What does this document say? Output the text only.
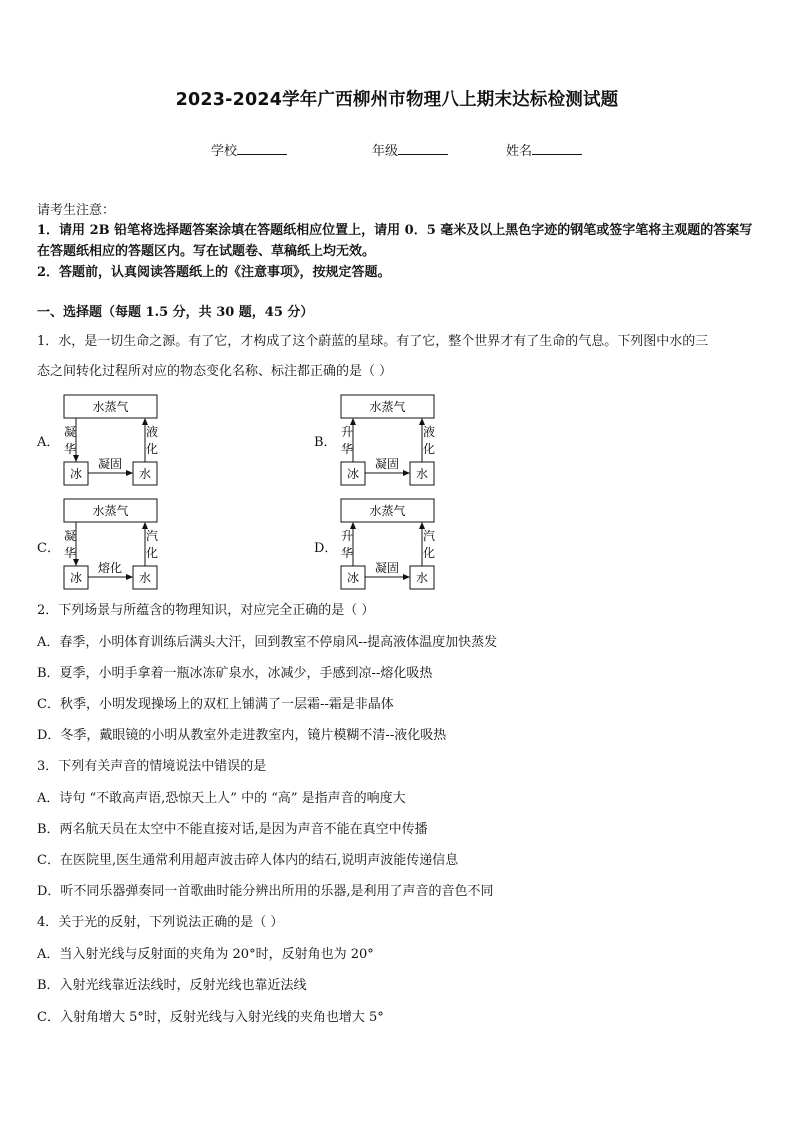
2023-2024学年广西柳州市物理八上期末达标检测试题
学校	年级	姓名
请考生注意：
1．请用 2B 铅笔将选择题答案涂填在答题纸相应位置上，请用 0．5 毫米及以上黑色字迹的钢笔或签字笔将主观题的答案写在答题纸相应的答题区内。写在试题卷、草稿纸上均无效。
2．答题前，认真阅读答题纸上的《注意事项》，按规定答题。
一、选择题（每题 1.5 分，共 30 题，45 分）
1．水，是一切生命之源。有了它，才构成了这个蔚蓝的星球。有了它，整个世界才有了生命的气息。下列图中水的三
态之间转化过程所对应的物态变化名称、标注都正确的是（ ）
A．
水蒸气
冰	水
凝
华
液
化
凝固
B．
水蒸气
冰	水
升
华
液
化
凝固
C．
水蒸气
冰	水
凝
华
汽
化
熔化
D．
水蒸气
冰	水
升
华
汽
化
凝固
2．下列场景与所蕴含的物理知识，对应完全正确的是（ ）
A．春季，小明体育训练后满头大汗，回到教室不停扇风--提高液体温度加快蒸发
B．夏季，小明手拿着一瓶冰冻矿泉水，冰减少，手感到凉--熔化吸热
C．秋季，小明发现操场上的双杠上铺满了一层霜--霜是非晶体
D．冬季，戴眼镜的小明从教室外走进教室内，镜片模糊不清--液化吸热
3．下列有关声音的情境说法中错误的是
A．诗句 “不敢高声语,恐惊天上人” 中的 “高” 是指声音的响度大
B．两名航天员在太空中不能直接对话,是因为声音不能在真空中传播
C．在医院里,医生通常利用超声波击碎人体内的结石,说明声波能传递信息
D．听不同乐器弹奏同一首歌曲时能分辨出所用的乐器,是利用了声音的音色不同
4．关于光的反射，下列说法正确的是（ ）
A．当入射光线与反射面的夹角为 20°时，反射角也为 20°
B．入射光线靠近法线时，反射光线也靠近法线
C．入射角增大 5°时，反射光线与入射光线的夹角也增大 5°
